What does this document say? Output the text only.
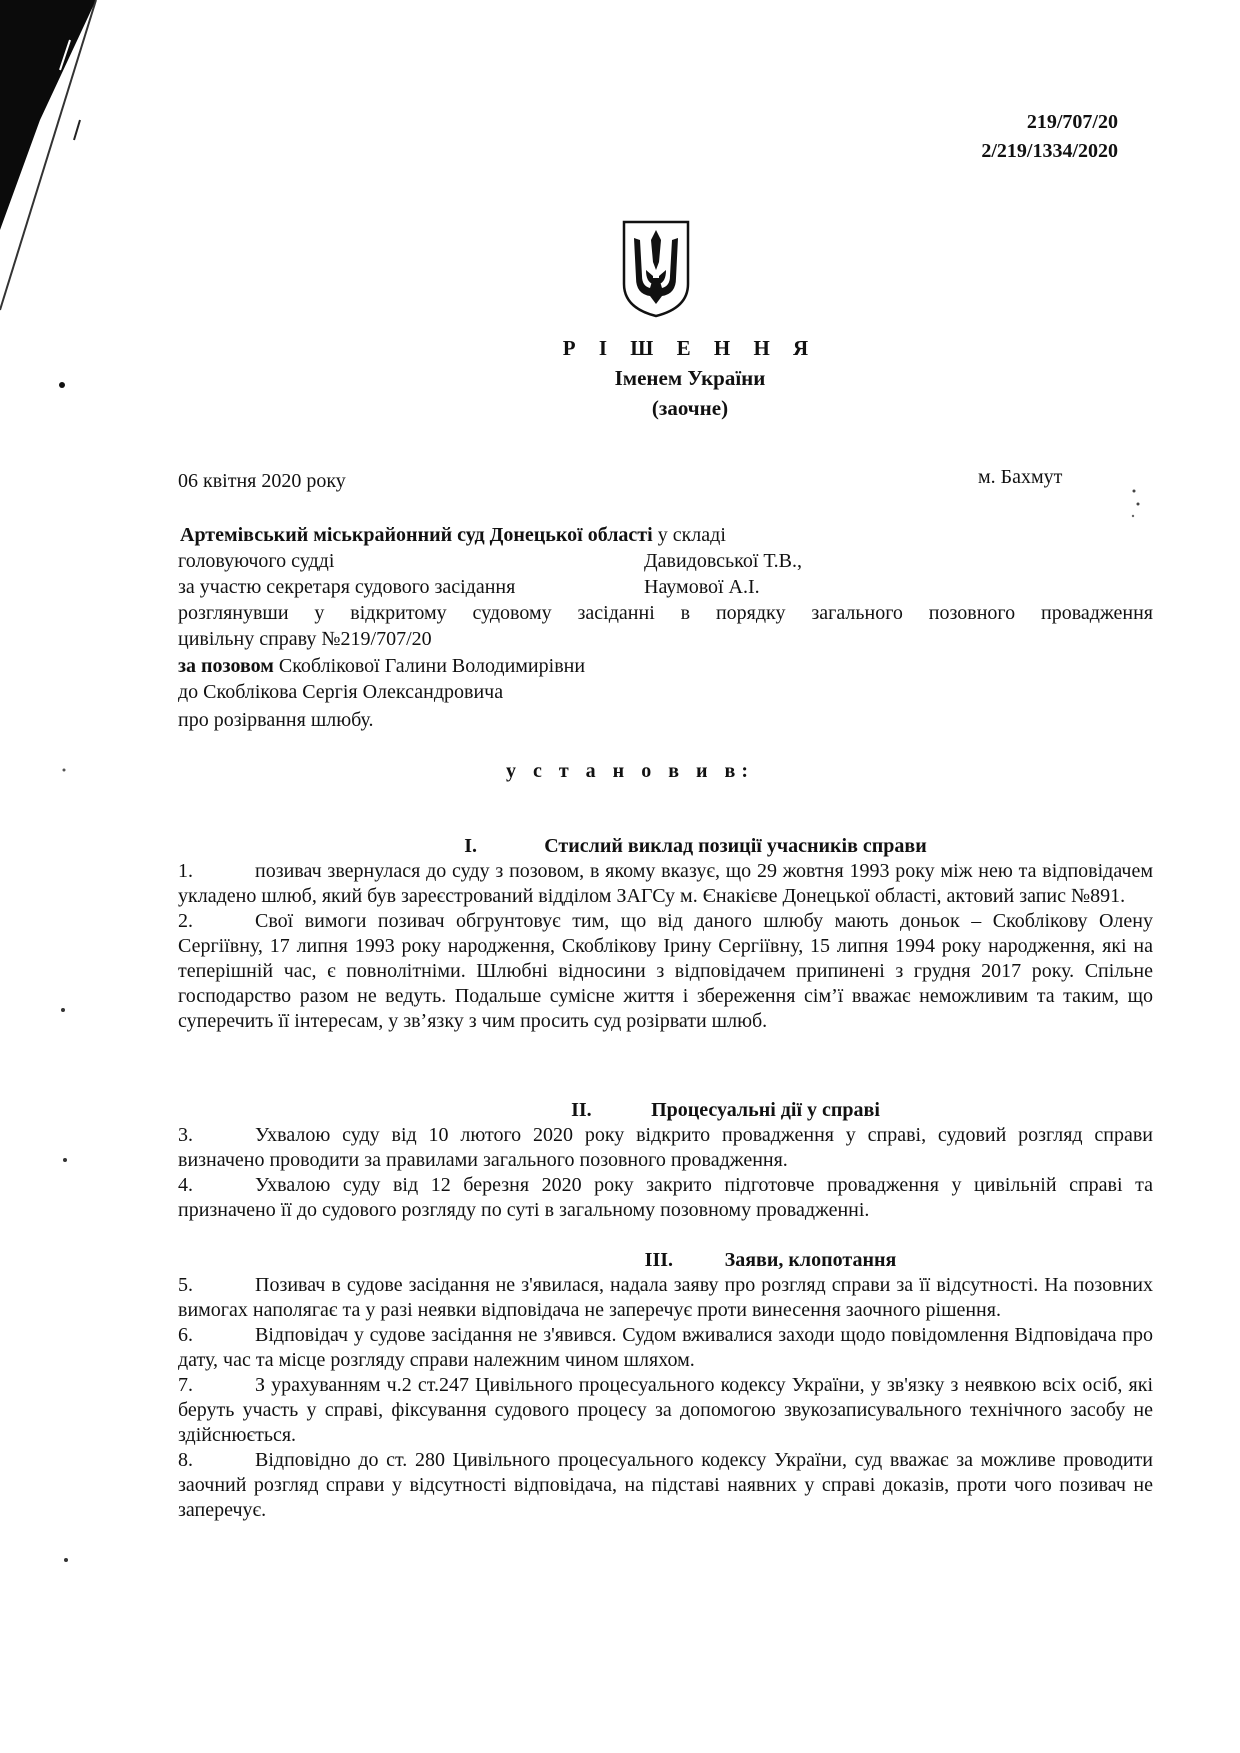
219/707/20
2/219/1334/2020
Р І Ш Е Н Н Я
Іменем України
(заочне)
06 квітня 2020 року	м. Бахмут
Артемівський міськрайонний суд Донецької області у складі
головуючого судді	Давидовської Т.В.,
за участю секретаря судового засідання	Наумової А.І.
розглянувши у відкритому судовому засіданні в порядку загального позовного провадження
цивільну справу №219/707/20
за позовом Скоблікової Галини Володимирівни
до Скоблікова Сергія Олександровича
про розірвання шлюбу.
у с т а н о в и в:
I.	Стислий виклад позиції учасників справи

1.	позивач звернулася до суду з позовом, в якому вказує, що 29 жовтня 1993 року між нею та відповідачем укладено шлюб, який був зареєстрований відділом ЗАГСу м. Єнакієве Донецької області, актовий запис №891.

2.	Свої вимоги позивач обгрунтовує тим, що від даного шлюбу мають доньок – Скоблікову Олену Сергіївну, 17 липня 1993 року народження, Скоблікову Ірину Сергіївну, 15 липня 1994 року народження, які на теперішній час, є повнолітніми. Шлюбні відносини з відповідачем припинені з грудня 2017 року. Спільне господарство разом не ведуть. Подальше сумісне життя і збереження сім’ї вважає неможливим та таким, що суперечить її інтересам, у зв’язку з чим просить суд розірвати шлюб.

II.	Процесуальні дії у справі

3.	Ухвалою суду від 10 лютого 2020 року відкрито провадження у справі, судовий розгляд справи визначено проводити за правилами загального позовного провадження.

4.	Ухвалою суду від 12 березня 2020 року закрито підготовче провадження у цивільній справі та призначено її до судового розгляду по суті в загальному позовному провадженні.

III.	Заяви, клопотання

5.	Позивач в судове засідання не з'явилася, надала заяву про розгляд справи за її відсутності. На позовних вимогах наполягає та у разі неявки відповідача не заперечує проти винесення заочного рішення.

6.	Відповідач у судове засідання не з'явився. Судом вживалися заходи щодо повідомлення Відповідача про дату, час та місце розгляду справи належним чином шляхом.

7.	З урахуванням ч.2 ст.247 Цивільного процесуального кодексу України, у зв'язку з неявкою всіх осіб, які беруть участь у справі, фіксування судового процесу за допомогою звукозаписувального технічного засобу не здійснюється.

8.	Відповідно до ст. 280 Цивільного процесуального кодексу України, суд вважає за можливе проводити заочний розгляд справи у відсутності відповідача, на підставі наявних у справі доказів, проти чого позивач не заперечує.
